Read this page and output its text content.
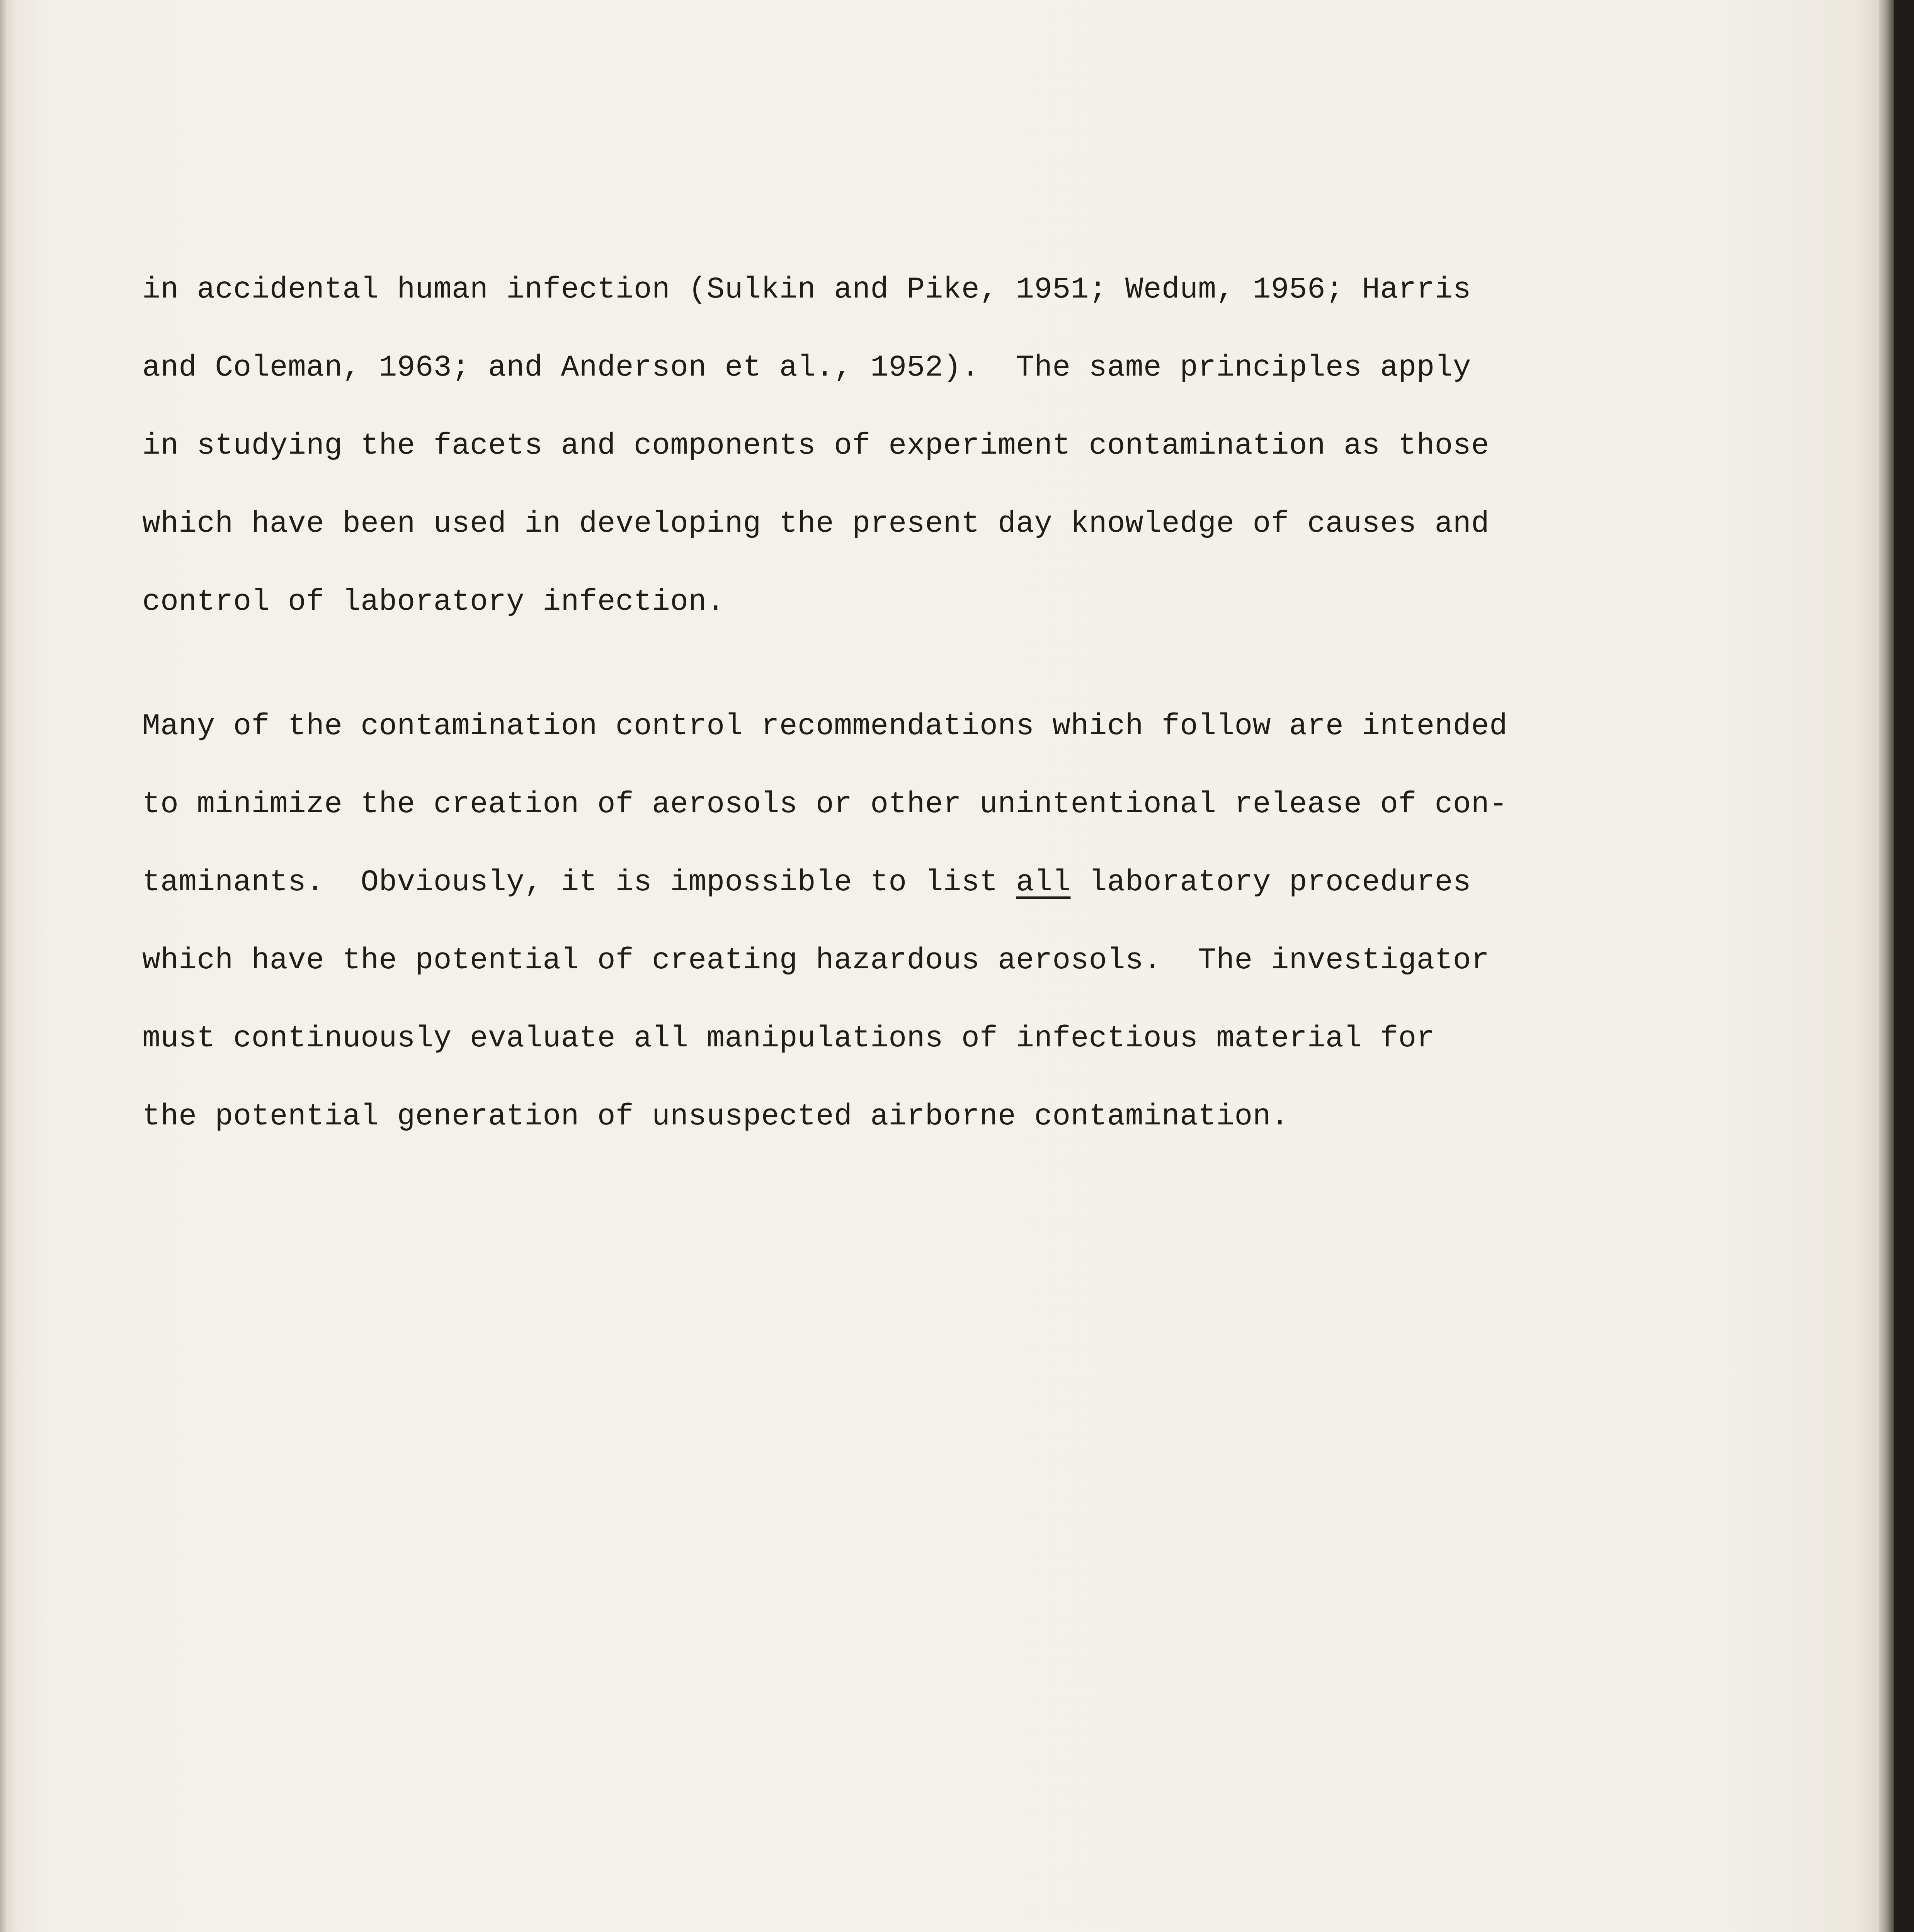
in accidental human infection (Sulkin and Pike, 1951; Wedum, 1956; Harris
and Coleman, 1963; and Anderson et al., 1952).  The same principles apply
in studying the facets and components of experiment contamination as those
which have been used in developing the present day knowledge of causes and
control of laboratory infection.
Many of the contamination control recommendations which follow are intended
to minimize the creation of aerosols or other unintentional release of con-
taminants.  Obviously, it is impossible to list all laboratory procedures
which have the potential of creating hazardous aerosols.  The investigator
must continuously evaluate all manipulations of infectious material for
the potential generation of unsuspected airborne contamination.
